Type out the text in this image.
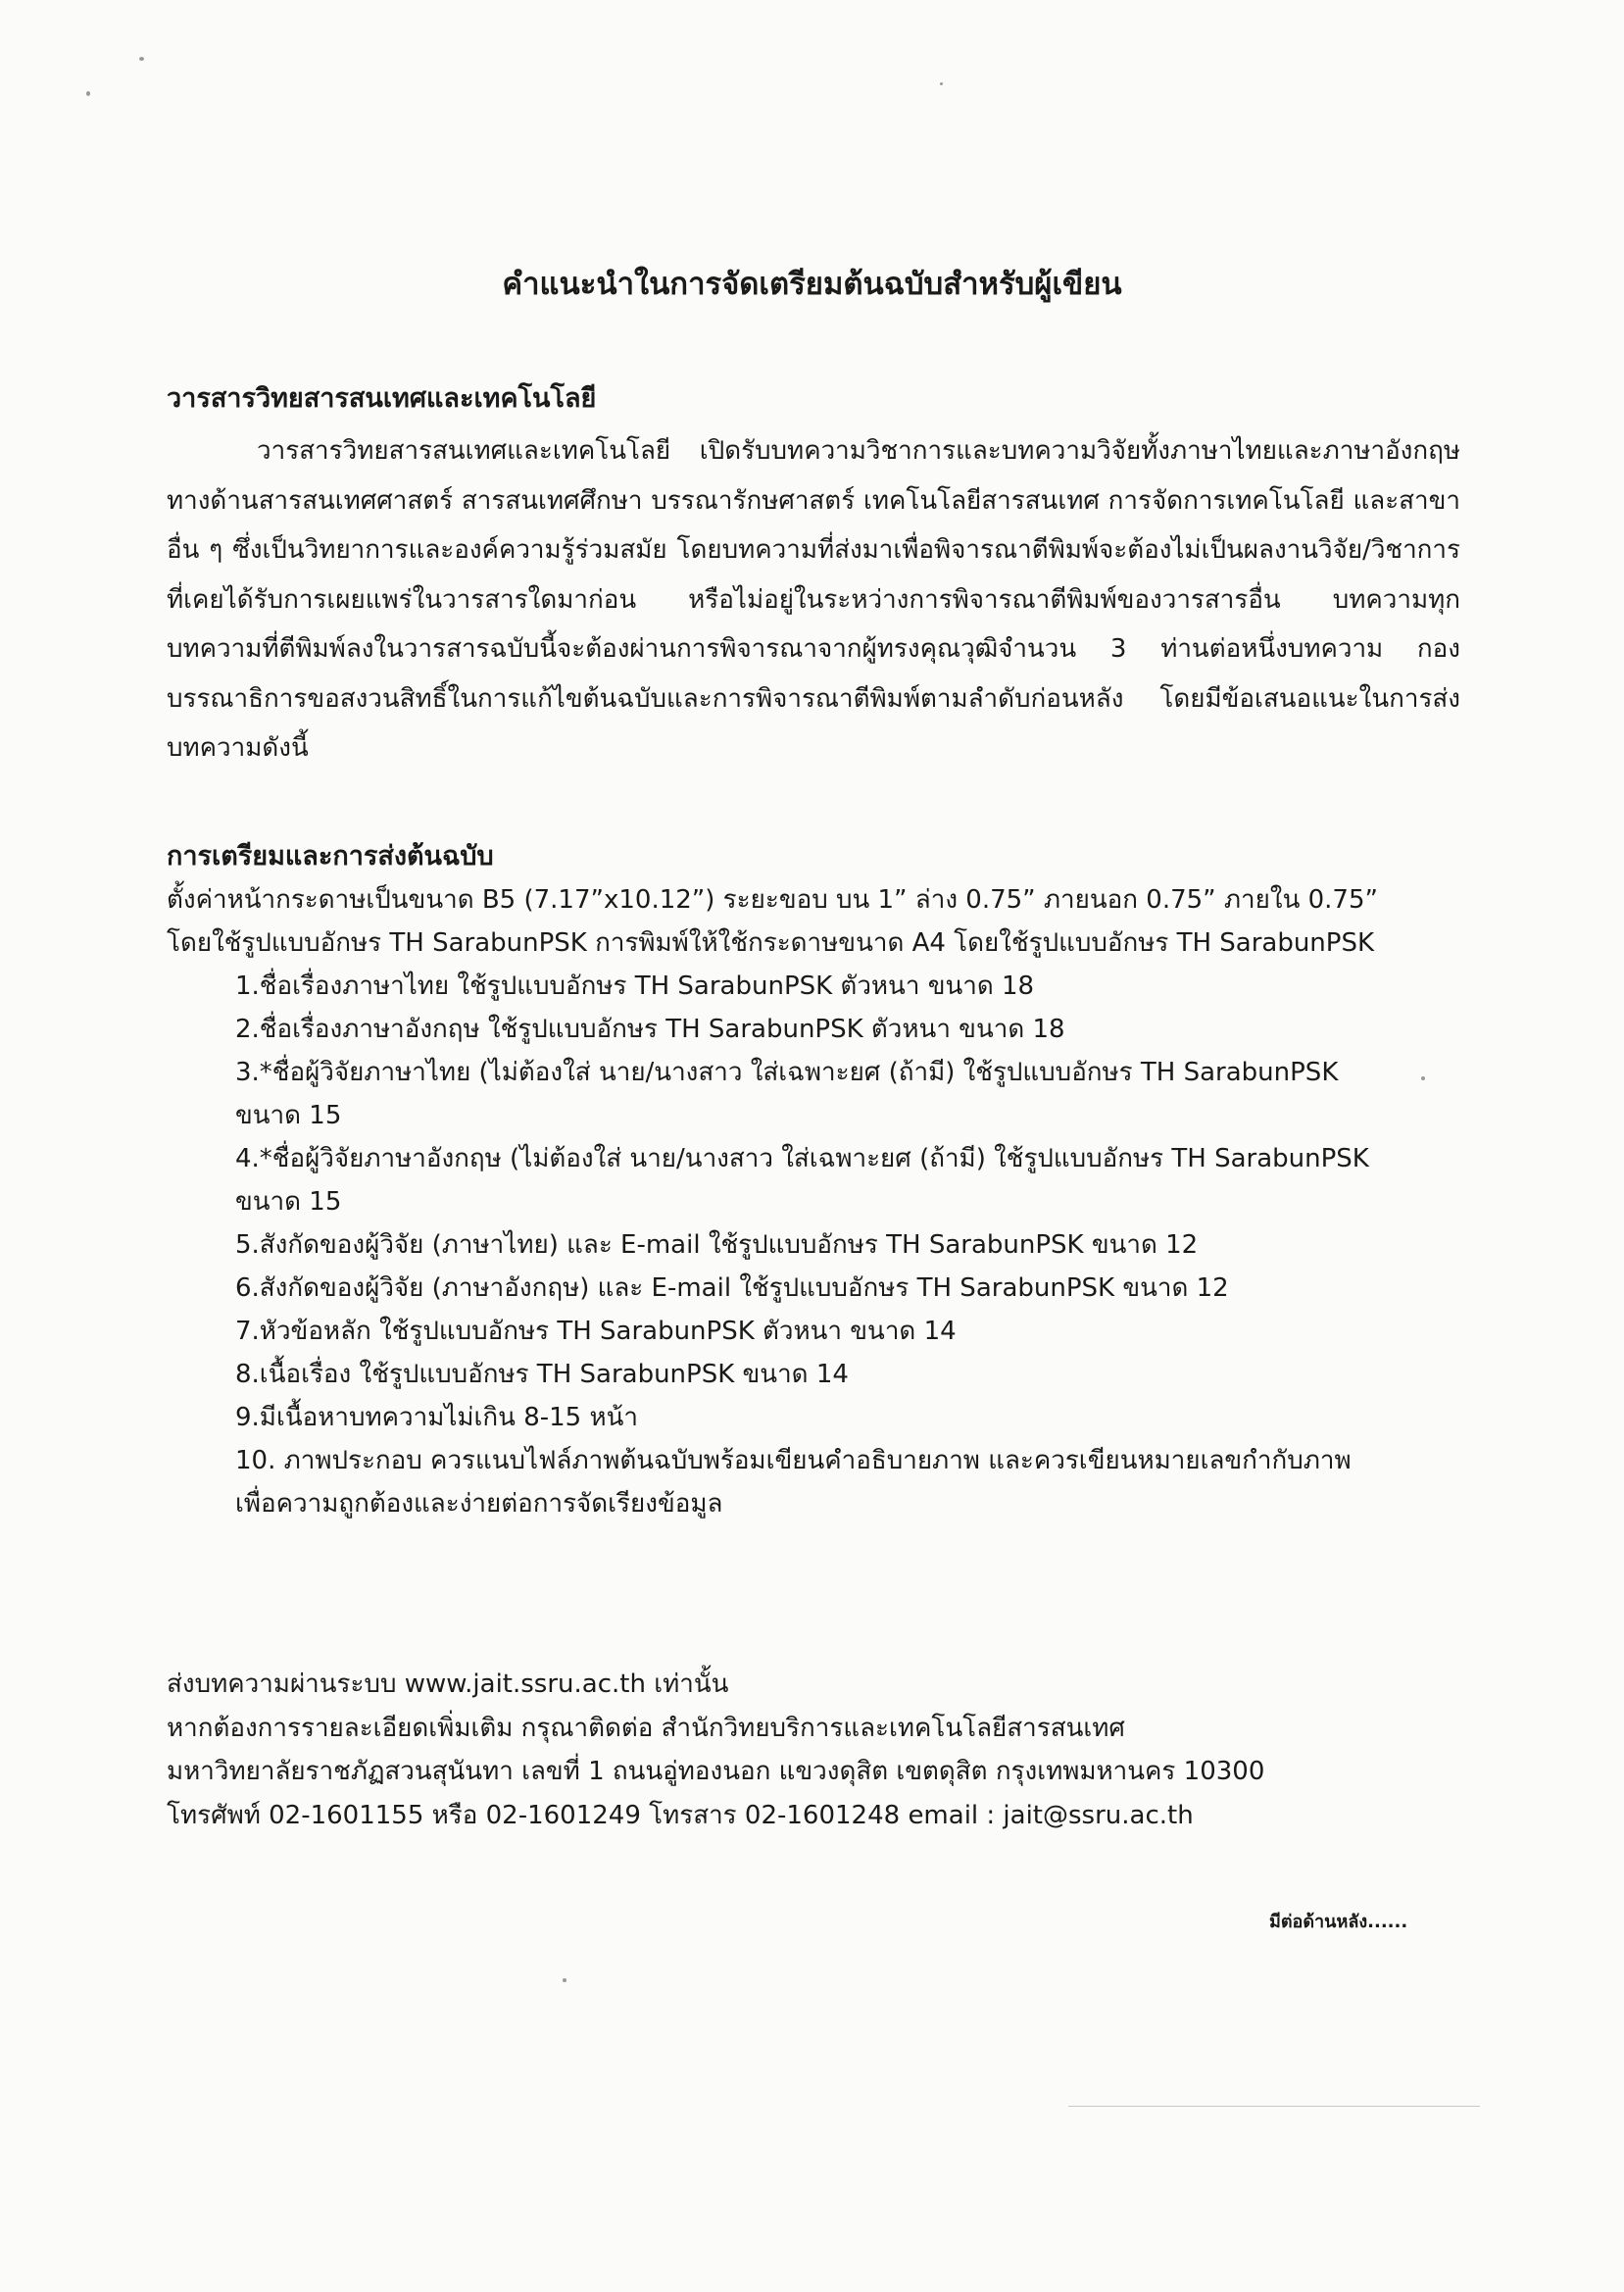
คำแนะนำในการจัดเตรียมต้นฉบับสำหรับผู้เขียน
วารสารวิทยสารสนเทศและเทคโนโลยี
วารสารวิทยสารสนเทศและเทคโนโลยี เปิดรับบทความวิชาการและบทความวิจัยทั้งภาษาไทยและภาษาอังกฤษ ทางด้านสารสนเทศศาสตร์ สารสนเทศศึกษา บรรณารักษศาสตร์ เทคโนโลยีสารสนเทศ การจัดการเทคโนโลยี และสาขาอื่น ๆ ซึ่งเป็นวิทยาการและองค์ความรู้ร่วมสมัย โดยบทความที่ส่งมาเพื่อพิจารณาตีพิมพ์จะต้องไม่เป็นผลงานวิจัย/วิชาการที่เคยได้รับการเผยแพร่ในวารสารใดมาก่อน หรือไม่อยู่ในระหว่างการพิจารณาตีพิมพ์ของวารสารอื่น บทความทุกบทความที่ตีพิมพ์ลงในวารสารฉบับนี้จะต้องผ่านการพิจารณาจากผู้ทรงคุณวุฒิจำนวน 3 ท่านต่อหนึ่งบทความ กองบรรณาธิการขอสงวนสิทธิ์ในการแก้ไขต้นฉบับและการพิจารณาตีพิมพ์ตามลำดับก่อนหลัง โดยมีข้อเสนอแนะในการส่งบทความดังนี้
การเตรียมและการส่งต้นฉบับ
ตั้งค่าหน้ากระดาษเป็นขนาด B5 (7.17”x10.12”) ระยะขอบ บน 1” ล่าง 0.75” ภายนอก 0.75” ภายใน 0.75”
โดยใช้รูปแบบอักษร TH SarabunPSK การพิมพ์ให้ใช้กระดาษขนาด A4 โดยใช้รูปแบบอักษร TH SarabunPSK
1.ชื่อเรื่องภาษาไทย ใช้รูปแบบอักษร TH SarabunPSK ตัวหนา ขนาด 18
2.ชื่อเรื่องภาษาอังกฤษ ใช้รูปแบบอักษร TH SarabunPSK ตัวหนา ขนาด 18
3.*ชื่อผู้วิจัยภาษาไทย (ไม่ต้องใส่ นาย/นางสาว ใส่เฉพาะยศ (ถ้ามี) ใช้รูปแบบอักษร TH SarabunPSK
ขนาด 15
4.*ชื่อผู้วิจัยภาษาอังกฤษ (ไม่ต้องใส่ นาย/นางสาว ใส่เฉพาะยศ (ถ้ามี) ใช้รูปแบบอักษร TH SarabunPSK
ขนาด 15
5.สังกัดของผู้วิจัย (ภาษาไทย) และ E-mail ใช้รูปแบบอักษร TH SarabunPSK ขนาด 12
6.สังกัดของผู้วิจัย (ภาษาอังกฤษ) และ E-mail ใช้รูปแบบอักษร TH SarabunPSK ขนาด 12
7.หัวข้อหลัก ใช้รูปแบบอักษร TH SarabunPSK ตัวหนา ขนาด 14
8.เนื้อเรื่อง ใช้รูปแบบอักษร TH SarabunPSK ขนาด 14
9.มีเนื้อหาบทความไม่เกิน 8-15 หน้า
10. ภาพประกอบ ควรแนบไฟล์ภาพต้นฉบับพร้อมเขียนคำอธิบายภาพ และควรเขียนหมายเลขกำกับภาพ
เพื่อความถูกต้องและง่ายต่อการจัดเรียงข้อมูล
ส่งบทความผ่านระบบ www.jait.ssru.ac.th เท่านั้น
หากต้องการรายละเอียดเพิ่มเติม กรุณาติดต่อ สำนักวิทยบริการและเทคโนโลยีสารสนเทศ
มหาวิทยาลัยราชภัฏสวนสุนันทา เลขที่ 1 ถนนอู่ทองนอก แขวงดุสิต เขตดุสิต กรุงเทพมหานคร 10300
โทรศัพท์ 02-1601155 หรือ 02-1601249 โทรสาร 02-1601248 email : jait@ssru.ac.th
มีต่อด้านหลัง......
